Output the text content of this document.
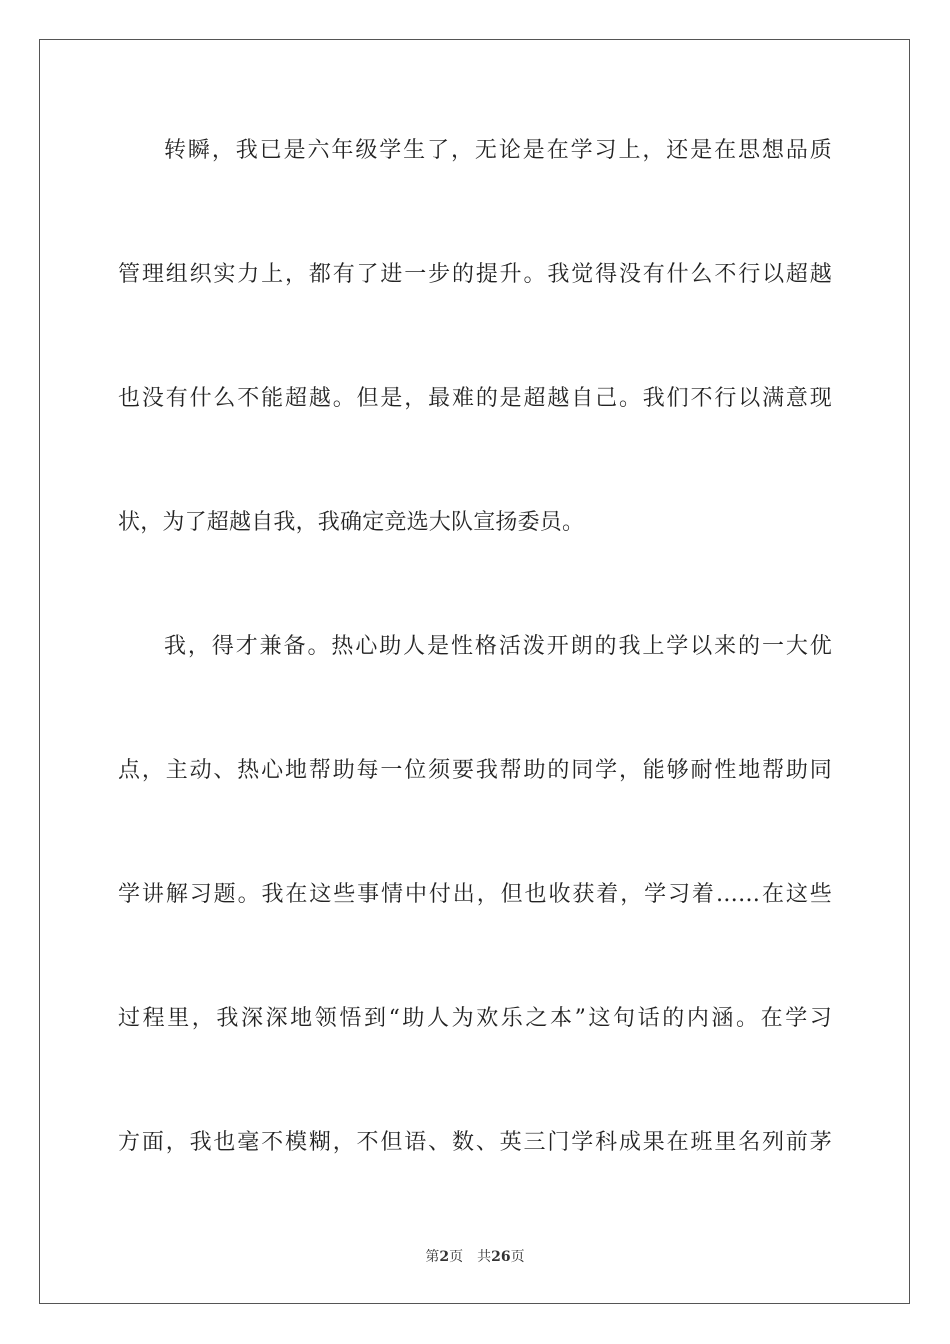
转瞬，我已是六年级学生了，无论是在学习上，还是在思想品质
管理组织实力上，都有了进一步的提升。我觉得没有什么不行以超越
也没有什么不能超越。但是，最难的是超越自己。我们不行以满意现
状，为了超越自我，我确定竞选大队宣扬委员。
我，得才兼备。热心助人是性格活泼开朗的我上学以来的一大优
点，主动、热心地帮助每一位须要我帮助的同学，能够耐性地帮助同
学讲解习题。我在这些事情中付出，但也收获着，学习着……在这些
过程里，我深深地领悟到“助人为欢乐之本”这句话的内涵。在学习
方面，我也毫不模糊，不但语、数、英三门学科成果在班里名列前茅
第2页 共26页
